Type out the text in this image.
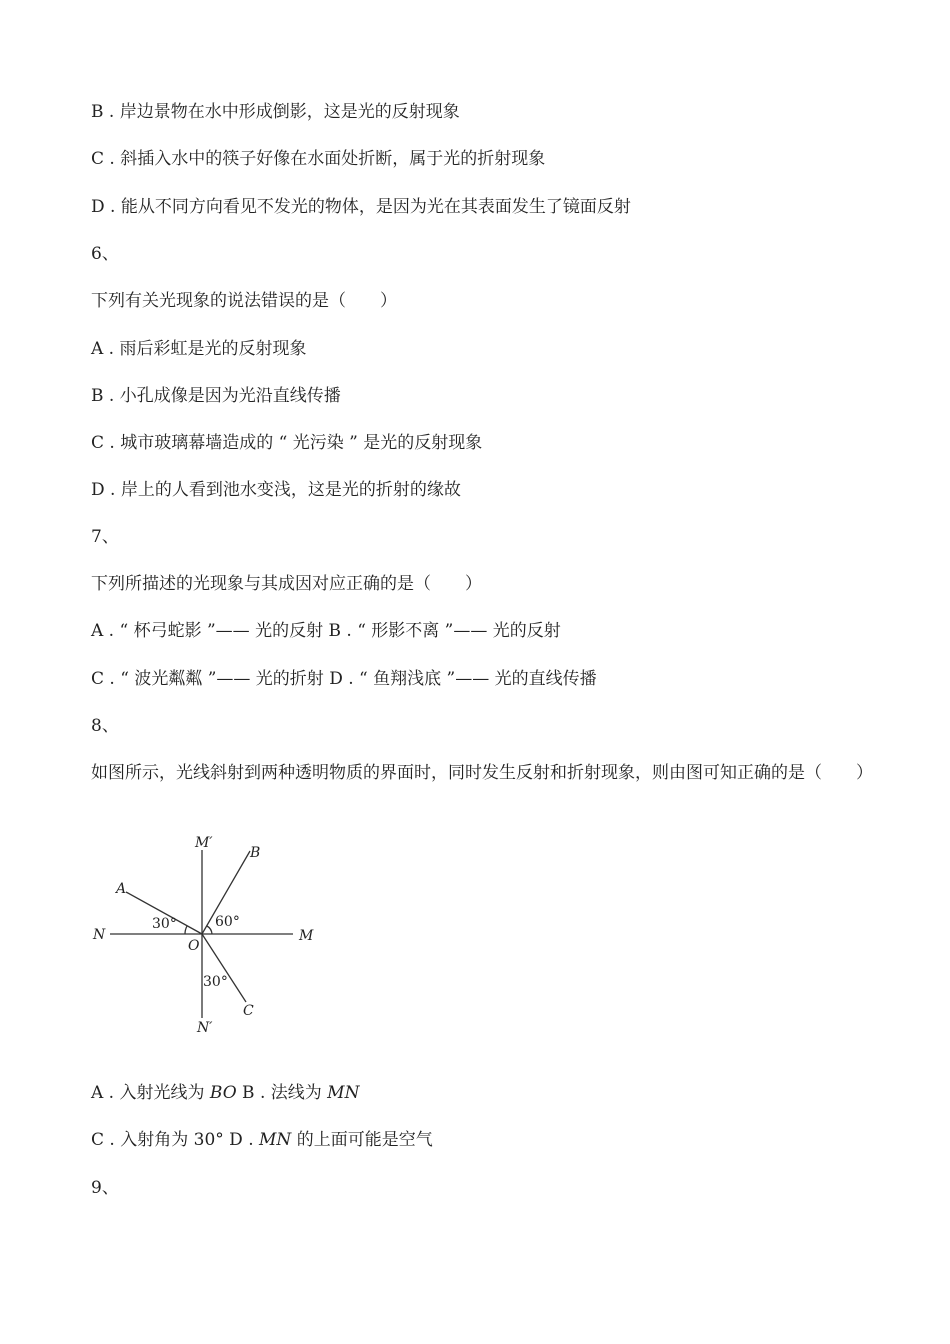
B . 岸边景物在水中形成倒影，这是光的反射现象
C . 斜插入水中的筷子好像在水面处折断，属于光的折射现象
D . 能从不同方向看见不发光的物体，是因为光在其表面发生了镜面反射
6、
下列有关光现象的说法错误的是（　　）
A . 雨后彩虹是光的反射现象
B . 小孔成像是因为光沿直线传播
C . 城市玻璃幕墙造成的 “ 光污染 ” 是光的反射现象
D . 岸上的人看到池水变浅，这是光的折射的缘故
7、
下列所描述的光现象与其成因对应正确的是（　　）
A . “ 杯弓蛇影 ”—— 光的反射 B . “ 形影不离 ”—— 光的反射
C . “ 波光粼粼 ”—— 光的折射 D . “ 鱼翔浅底 ”—— 光的直线传播
8、
如图所示，光线斜射到两种透明物质的界面时，同时发生反射和折射现象，则由图可知正确的是（　　）
M′
B
A
N	M
O
C
N′
30°	60°
30°
A . 入射光线为 BO B . 法线为 MN
C . 入射角为 30° D . MN 的上面可能是空气
9、
